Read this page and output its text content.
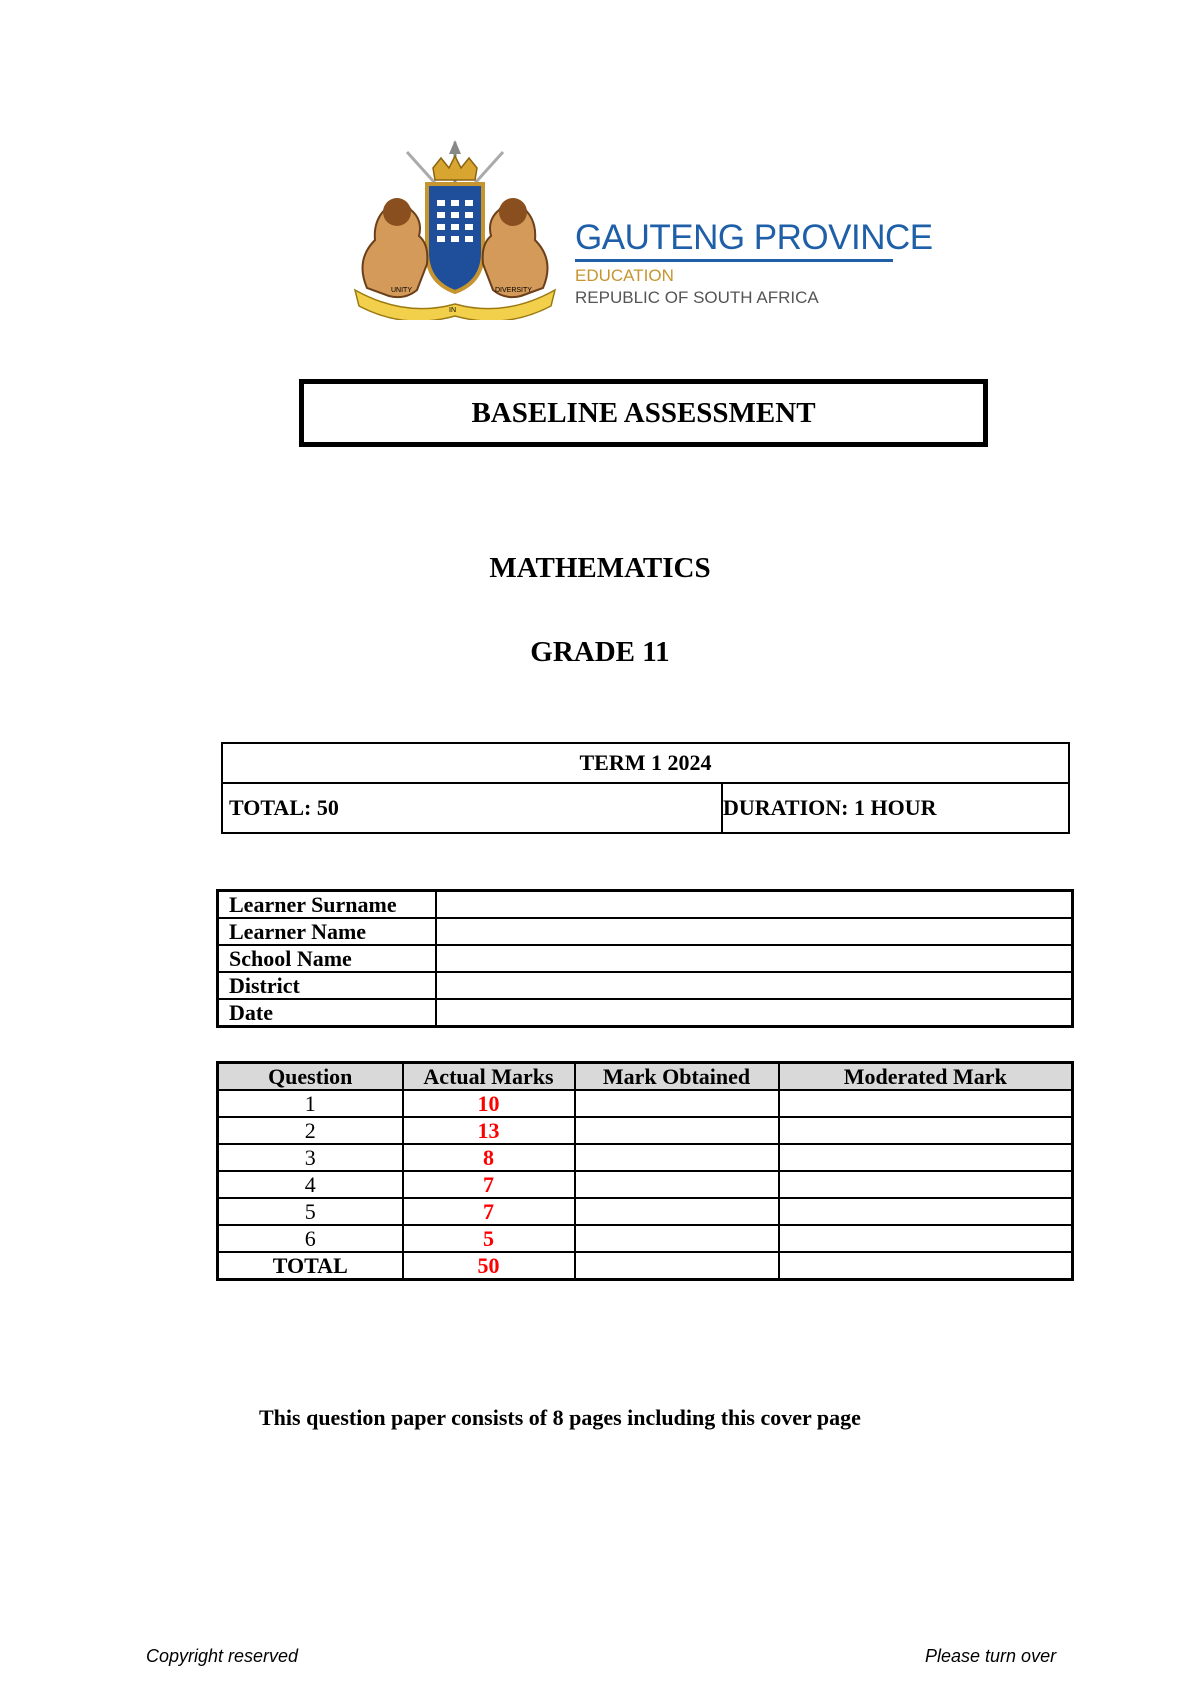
UNITY
IN
DIVERSITY
GAUTENG PROVINCE
EDUCATION
REPUBLIC OF SOUTH AFRICA
BASELINE ASSESSMENT
MATHEMATICS
GRADE 11
TERM 1 2024
TOTAL: 50	DURATION: 1 HOUR
Learner Surname	
Learner Name	
School Name	
District	
Date	
Question	Actual Marks	Mark Obtained	Moderated Mark
1	10		
2	13		
3	8		
4	7		
5	7		
6	5		
TOTAL	50		
This question paper consists of 8 pages including this cover page
Copyright reserved	Please turn over
